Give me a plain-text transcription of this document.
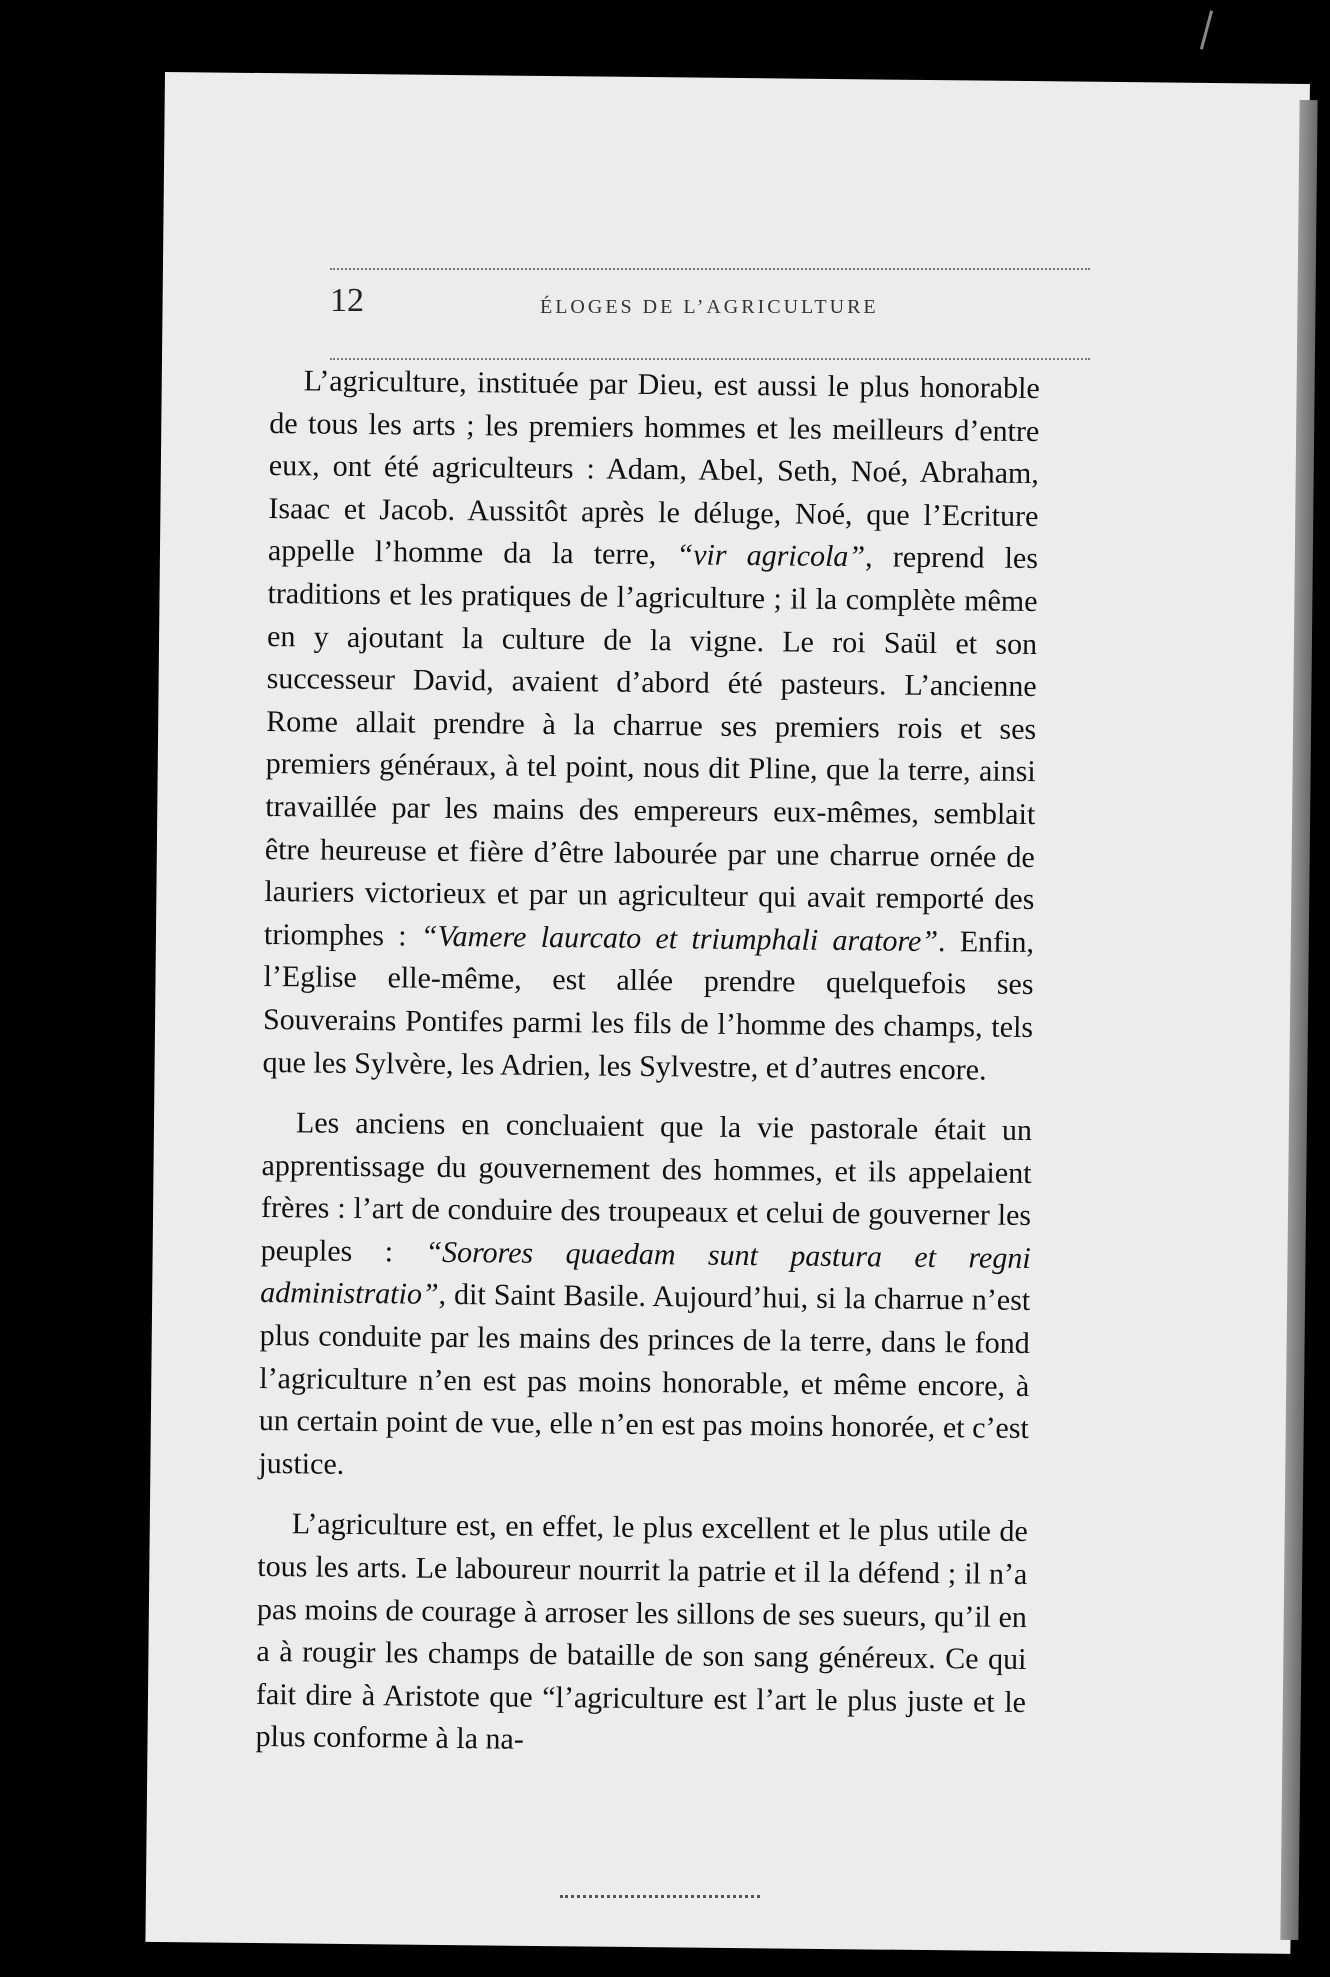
12	ÉLOGES DE L’AGRICULTURE

L’agriculture, instituée par Dieu, est aussi le plus honorable de tous les arts ; les premiers hommes et les meilleurs d’entre eux, ont été agriculteurs : Adam, Abel, Seth, Noé, Abraham, Isaac et Jacob. Aussitôt après le déluge, Noé, que l’Ecriture appelle l’homme da la terre, “vir agricola”, reprend les traditions et les pratiques de l’agriculture ; il la complète même en y ajoutant la culture de la vigne. Le roi Saül et son successeur David, avaient d’abord été pasteurs. L’ancienne Rome allait prendre à la charrue ses premiers rois et ses premiers généraux, à tel point, nous dit Pline, que la terre, ainsi travaillée par les mains des empereurs eux-mêmes, semblait être heureuse et fière d’être labourée par une charrue ornée de lauriers victorieux et par un agriculteur qui avait remporté des triomphes : “Vamere laurcato et triumphali aratore”. Enfin, l’Eglise elle-même, est allée prendre quelquefois ses Souverains Pontifes parmi les fils de l’homme des champs, tels que les Sylvère, les Adrien, les Sylvestre, et d’autres encore.

Les anciens en concluaient que la vie pastorale était un apprentissage du gouvernement des hommes, et ils appelaient frères : l’art de conduire des troupeaux et celui de gouverner les peuples : “Sorores quaedam sunt pastura et regni administratio”, dit Saint Basile. Aujourd’hui, si la charrue n’est plus conduite par les mains des princes de la terre, dans le fond l’agriculture n’en est pas moins honorable, et même encore, à un certain point de vue, elle n’en est pas moins honorée, et c’est justice.

L’agriculture est, en effet, le plus excellent et le plus utile de tous les arts. Le laboureur nourrit la patrie et il la défend ; il n’a pas moins de courage à arroser les sillons de ses sueurs, qu’il en a à rougir les champs de bataille de son sang généreux. Ce qui fait dire à Aristote que “l’agriculture est l’art le plus juste et le plus conforme à la na-
